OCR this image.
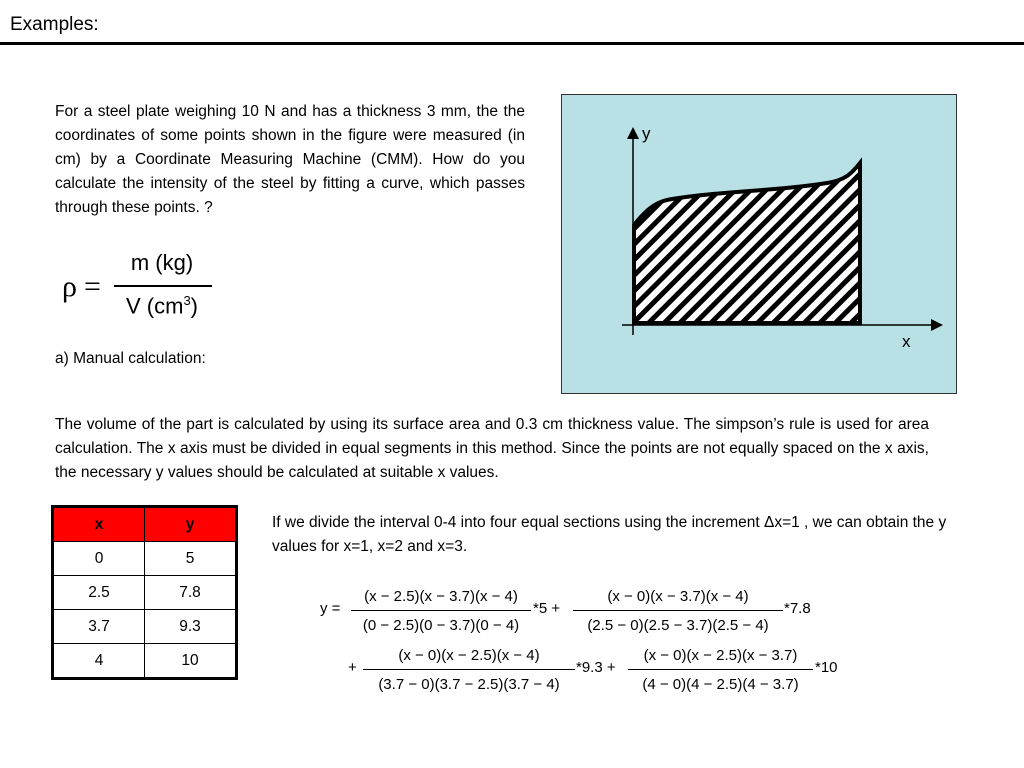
Examples:
For a steel plate weighing 10 N and has a thickness 3 mm, the the coordinates of some points shown in the figure were measured (in cm) by a Coordinate Measuring Machine (CMM). How do you calculate the intensity of the steel by fitting a curve, which passes through these points. ?
ρ =
m (kg)
V $(cm^3)$
a) Manual calculation:
y
x
The volume of the part is calculated by using its surface area and 0.3 cm thickness value. The simpson’s rule is used for area calculation. The x axis must be divided in equal segments in this method. Since the points are not equally spaced on the x axis, the necessary y values should be calculated at suitable x values.
x	y
0	5
2.5	7.8
3.7	9.3
4	10
If we divide the interval 0-4 into four equal sections using the increment Δx=1 , we can obtain the y values for x=1, x=2 and x=3.
y =
(x − 2.5)(x − 3.7)(x − 4)
(0 − 2.5)(0 − 3.7)(0 − 4)
*5 +
(x − 0)(x − 3.7)(x − 4)
(2.5 − 0)(2.5 − 3.7)(2.5 − 4)
*7.8
+
(x − 0)(x − 2.5)(x − 4)
(3.7 − 0)(3.7 − 2.5)(3.7 − 4)
*9.3 +
(x − 0)(x − 2.5)(x − 3.7)
(4 − 0)(4 − 2.5)(4 − 3.7)
*10
